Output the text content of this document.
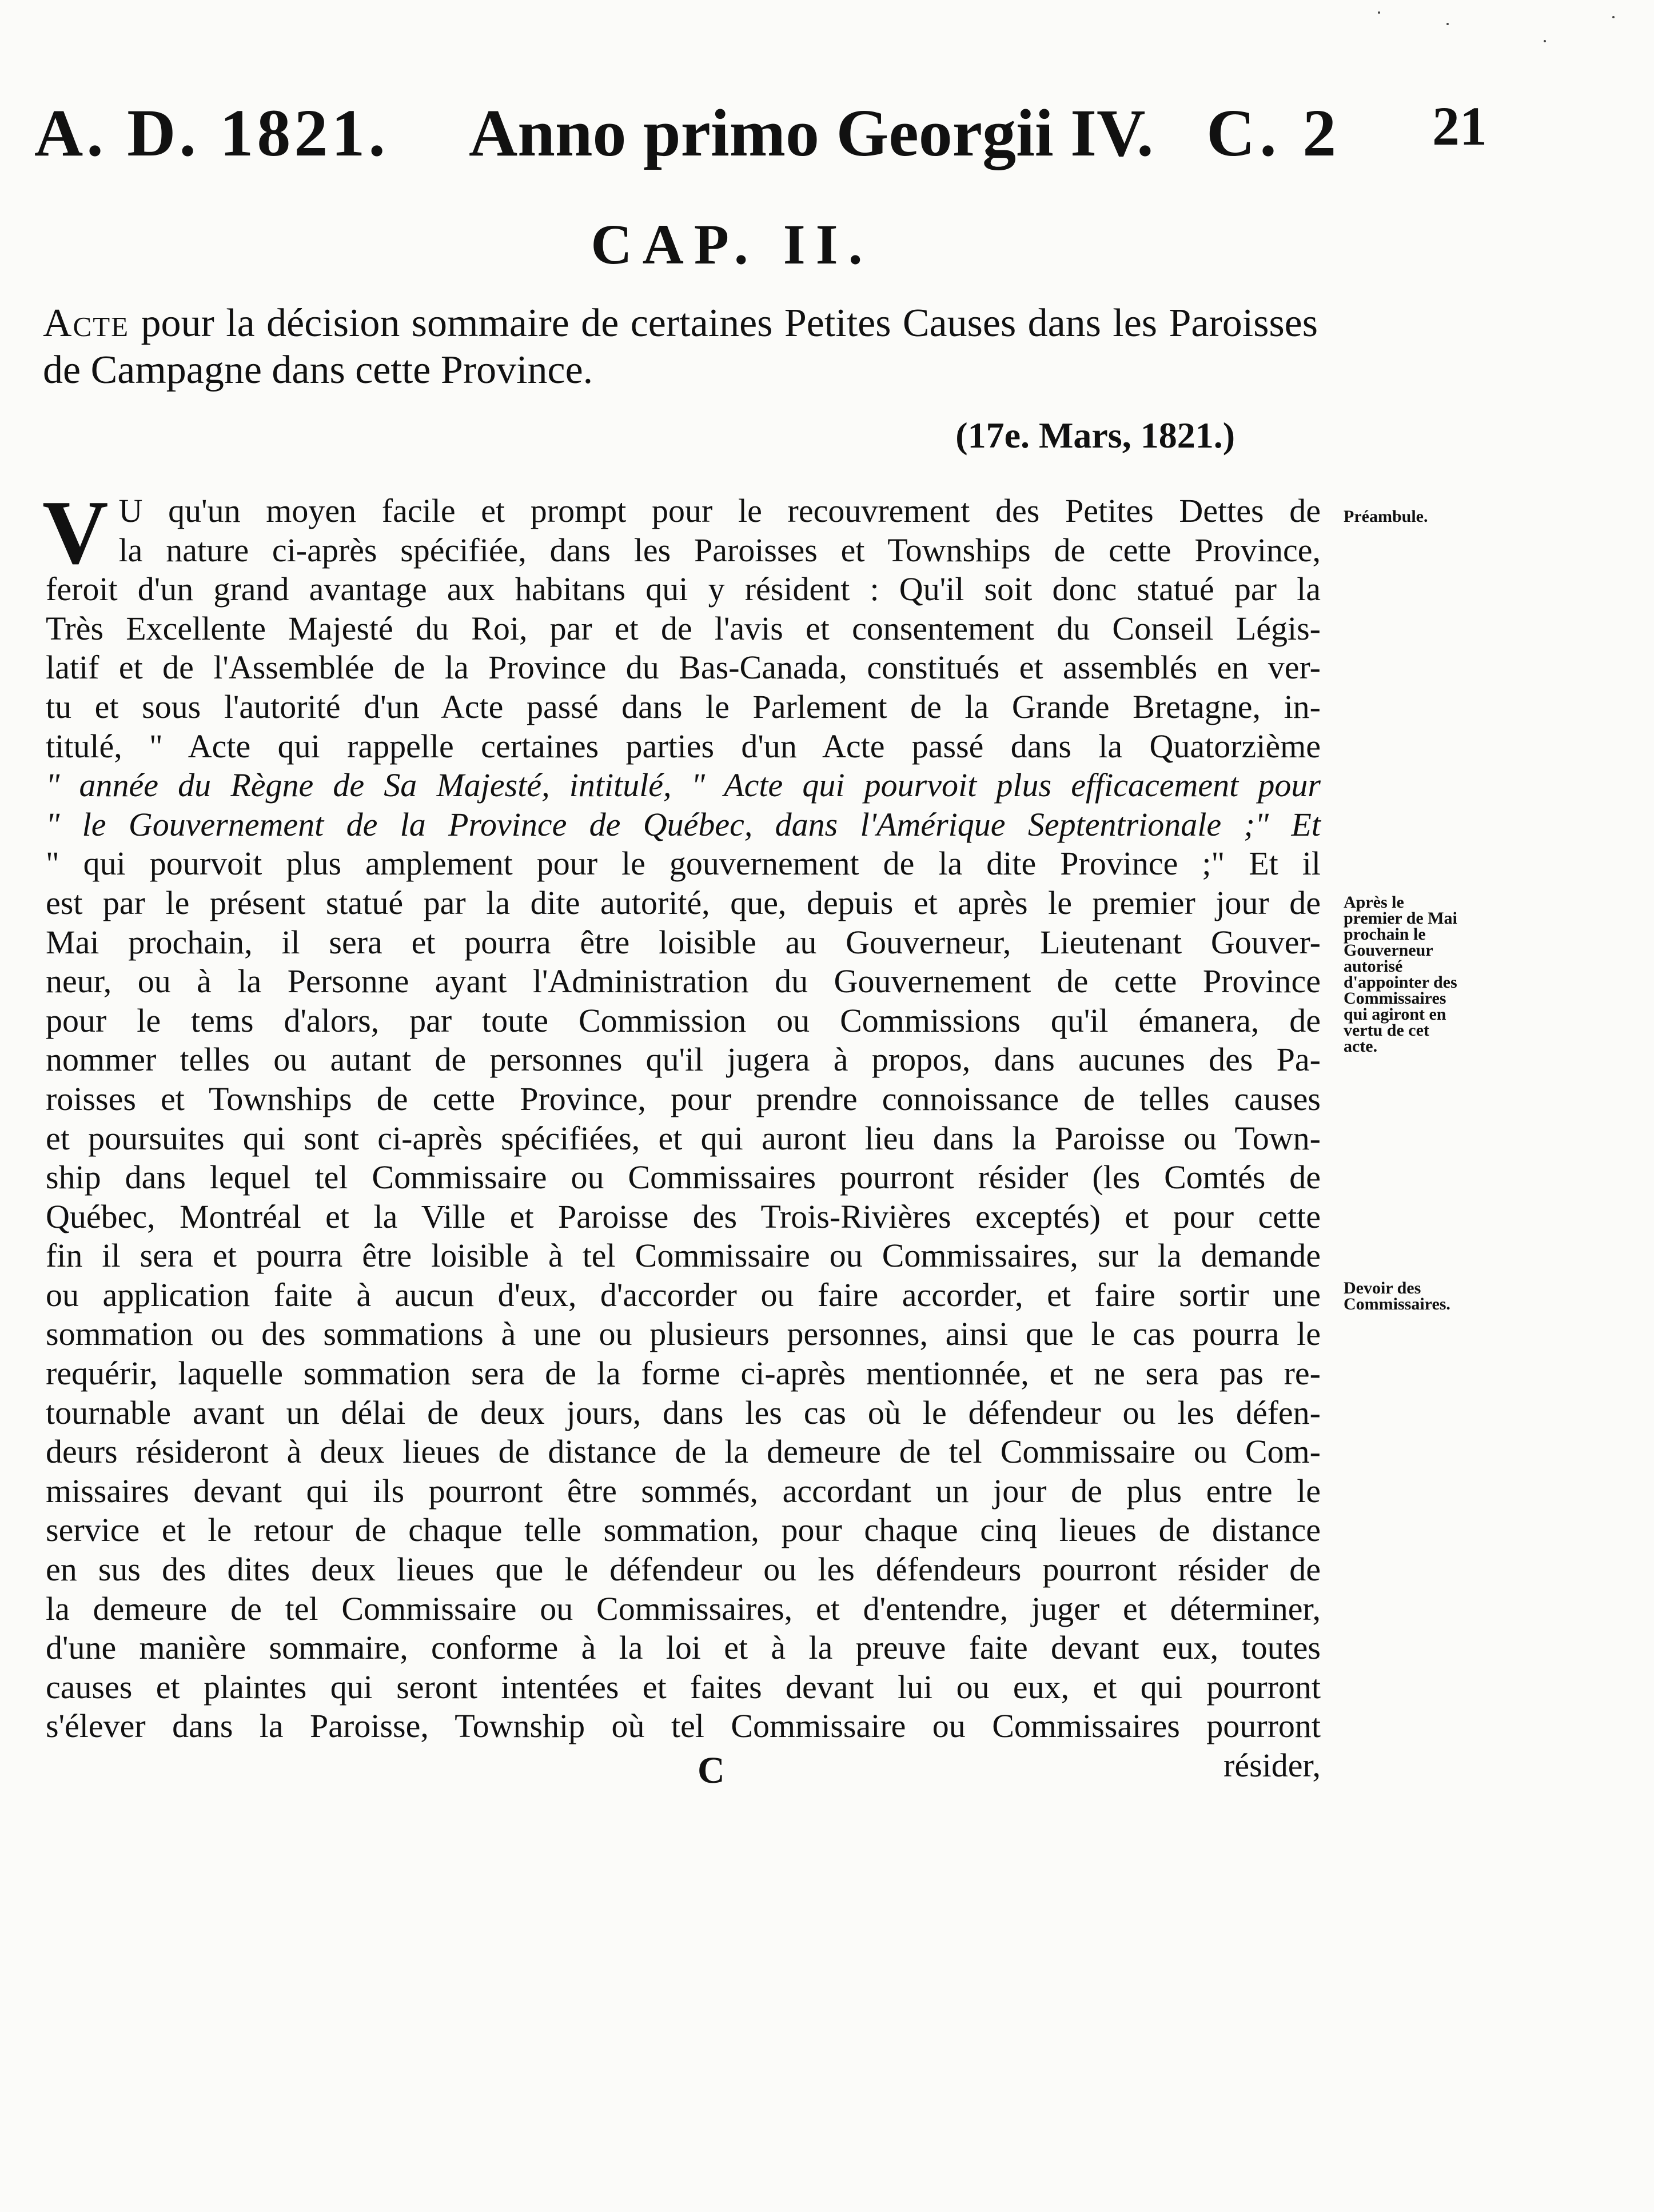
A. D. 1821. Anno primo Georgii IV. C. 2 21
CAP. II.
Acte pour la décision sommaire de certaines Petites Causes dans les Paroisses de Campagne dans cette Province.
(17e. Mars, 1821.)
V U qu'un moyen facile et prompt pour le recouvrement des Petites Dettes de
la nature ci-après spécifiée, dans les Paroisses et Townships de cette Province,
feroit d'un grand avantage aux habitans qui y résident : Qu'il soit donc statué par la
Très Excellente Majesté du Roi, par et de l'avis et consentement du Conseil Légis-
latif et de l'Assemblée de la Province du Bas-Canada, constitués et assemblés en ver-
tu et sous l'autorité d'un Acte passé dans le Parlement de la Grande Bretagne, in-
titulé, " Acte qui rappelle certaines parties d'un Acte passé dans la Quatorzième
" année du Règne de Sa Majesté, intitulé, " Acte qui pourvoit plus efficacement pour
" le Gouvernement de la Province de Québec, dans l'Amérique Septentrionale ;" Et
" qui pourvoit plus amplement pour le gouvernement de la dite Province ;" Et il
est par le présent statué par la dite autorité, que, depuis et après le premier jour de
Mai prochain, il sera et pourra être loisible au Gouverneur, Lieutenant Gouver-
neur, ou à la Personne ayant l'Administration du Gouvernement de cette Province
pour le tems d'alors, par toute Commission ou Commissions qu'il émanera, de
nommer telles ou autant de personnes qu'il jugera à propos, dans aucunes des Pa-
roisses et Townships de cette Province, pour prendre connoissance de telles causes
et poursuites qui sont ci-après spécifiées, et qui auront lieu dans la Paroisse ou Town-
ship dans lequel tel Commissaire ou Commissaires pourront résider (les Comtés de
Québec, Montréal et la Ville et Paroisse des Trois-Rivières exceptés) et pour cette
fin il sera et pourra être loisible à tel Commissaire ou Commissaires, sur la demande
ou application faite à aucun d'eux, d'accorder ou faire accorder, et faire sortir une
sommation ou des sommations à une ou plusieurs personnes, ainsi que le cas pourra le
requérir, laquelle sommation sera de la forme ci-après mentionnée, et ne sera pas re-
tournable avant un délai de deux jours, dans les cas où le défendeur ou les défen-
deurs résideront à deux lieues de distance de la demeure de tel Commissaire ou Com-
missaires devant qui ils pourront être sommés, accordant un jour de plus entre le
service et le retour de chaque telle sommation, pour chaque cinq lieues de distance
en sus des dites deux lieues que le défendeur ou les défendeurs pourront résider de
la demeure de tel Commissaire ou Commissaires, et d'entendre, juger et déterminer,
d'une manière sommaire, conforme à la loi et à la preuve faite devant eux, toutes
causes et plaintes qui seront intentées et faites devant lui ou eux, et qui pourront
s'élever dans la Paroisse, Township où tel Commissaire ou Commissaires pourront
résider,
Préambule.
Après le premier de Mai prochain le Gouverneur autorisé d'appointer des Commissaires qui agiront en vertu de cet acte.
Devoir des Commissaires.
C
